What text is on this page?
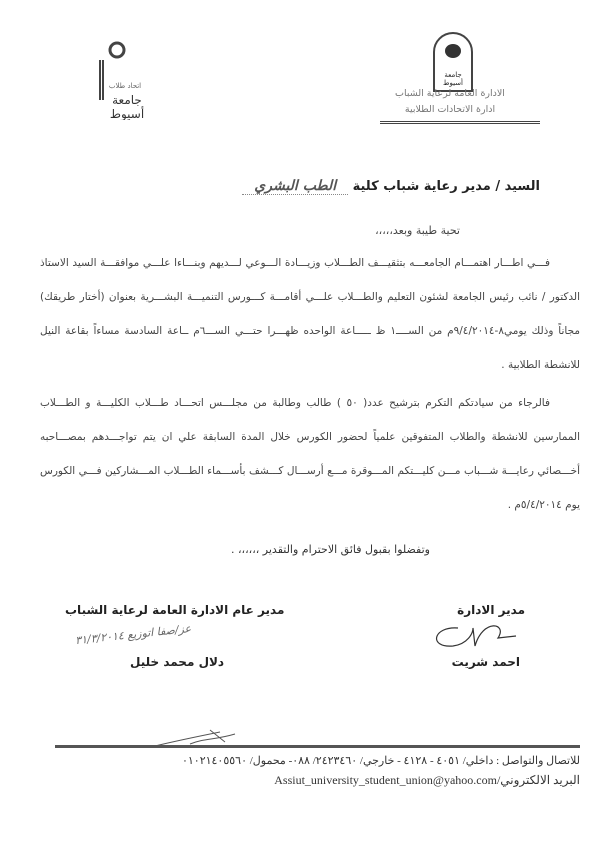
جامعة أسيوط
الادارة العامه لرعاية الشباب
ادارة الاتحادات الطلابية
اتحاد طلاب
جامعة
أسيوط
السيد / مدير رعاية شباب كلية الطب البشري
تحية طيبة وبعد،،،،،
فـــي اطـــار اهتمـــام الجامعـــه بتثقيـــف الطـــلاب وزيـــادة الـــوعي لـــديهم وبنـــاءا علـــي موافقـــة السيد الاستاذ الدكتور / نائب رئيس الجامعة لشئون التعليم والطـــلاب علـــي أقامـــة كـــورس التنميـــة البشـــرية بعنوان (أختار طريقك) مجاناً وذلك يومي٨-٩/٤/٢٠١٤م من الســــ١ ظ ـــــاعة الواحده ظهـــرا حتـــي الســـ٦م ــاعة السادسة مساءاً بقاعة النيل للانشطة الطلابية .
فالرجاء من سيادتكم التكرم بترشيح عدد( ٥٠ ) طالب وطالبة من مجلـــس اتحـــاد طـــلاب الكليـــة و الطـــلاب الممارسين للانشطة والطلاب المتفوقين علمياً لحضور الكورس خلال المدة السابقة علي ان يتم تواجـــدهم بمصـــاحبه أخـــصائي رعايـــة شـــباب مـــن كليـــتكم المـــوقرة مـــع أرســـال كـــشف بأســـماء الطـــلاب المـــشاركين فـــي الكورس يوم ٥/٤/٢٠١٤م .
وتفضلوا بقبول فائق الاحترام والتقدير ،،،،،، .
مدير الادارة
احمد شريت
مدير عام الادارة العامة لرعاية الشباب
عز/صفا اتوزيع ٣١/٣/٢٠١٤
دلال محمد خليل
للاتصال والتواصل : داخلي/ ٤٠٥١ - ٤١٢٨ - خارجي/ ٢٤٢٣٤٦٠/ ٠٨٨- محمول/ ٠١٠٢١٤٠٥٥٦٠
البريد الالكتروني/Assiut_university_student_union@yahoo.com
